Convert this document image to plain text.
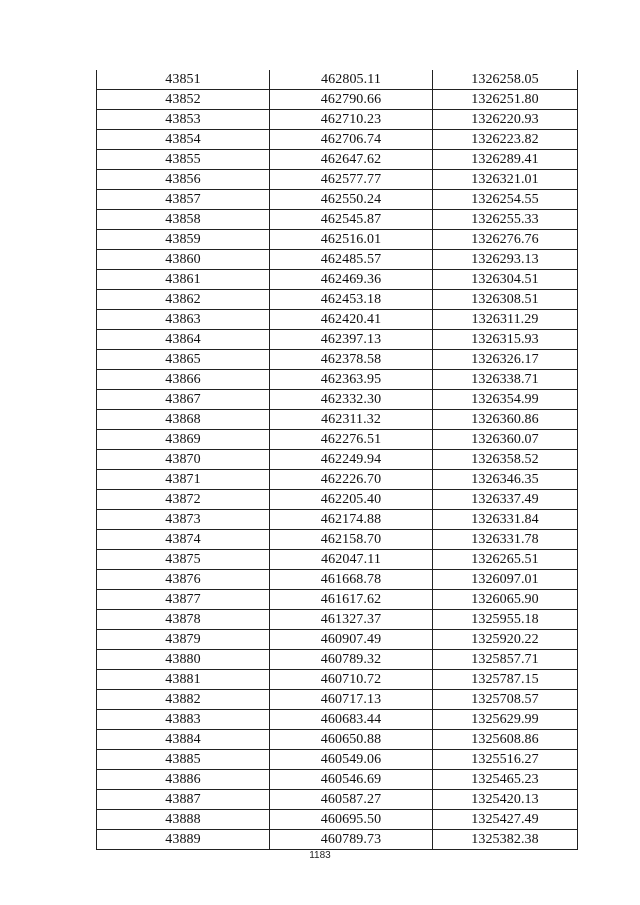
43851	462805.11	1326258.05
43852	462790.66	1326251.80
43853	462710.23	1326220.93
43854	462706.74	1326223.82
43855	462647.62	1326289.41
43856	462577.77	1326321.01
43857	462550.24	1326254.55
43858	462545.87	1326255.33
43859	462516.01	1326276.76
43860	462485.57	1326293.13
43861	462469.36	1326304.51
43862	462453.18	1326308.51
43863	462420.41	1326311.29
43864	462397.13	1326315.93
43865	462378.58	1326326.17
43866	462363.95	1326338.71
43867	462332.30	1326354.99
43868	462311.32	1326360.86
43869	462276.51	1326360.07
43870	462249.94	1326358.52
43871	462226.70	1326346.35
43872	462205.40	1326337.49
43873	462174.88	1326331.84
43874	462158.70	1326331.78
43875	462047.11	1326265.51
43876	461668.78	1326097.01
43877	461617.62	1326065.90
43878	461327.37	1325955.18
43879	460907.49	1325920.22
43880	460789.32	1325857.71
43881	460710.72	1325787.15
43882	460717.13	1325708.57
43883	460683.44	1325629.99
43884	460650.88	1325608.86
43885	460549.06	1325516.27
43886	460546.69	1325465.23
43887	460587.27	1325420.13
43888	460695.50	1325427.49
43889	460789.73	1325382.38
1183
